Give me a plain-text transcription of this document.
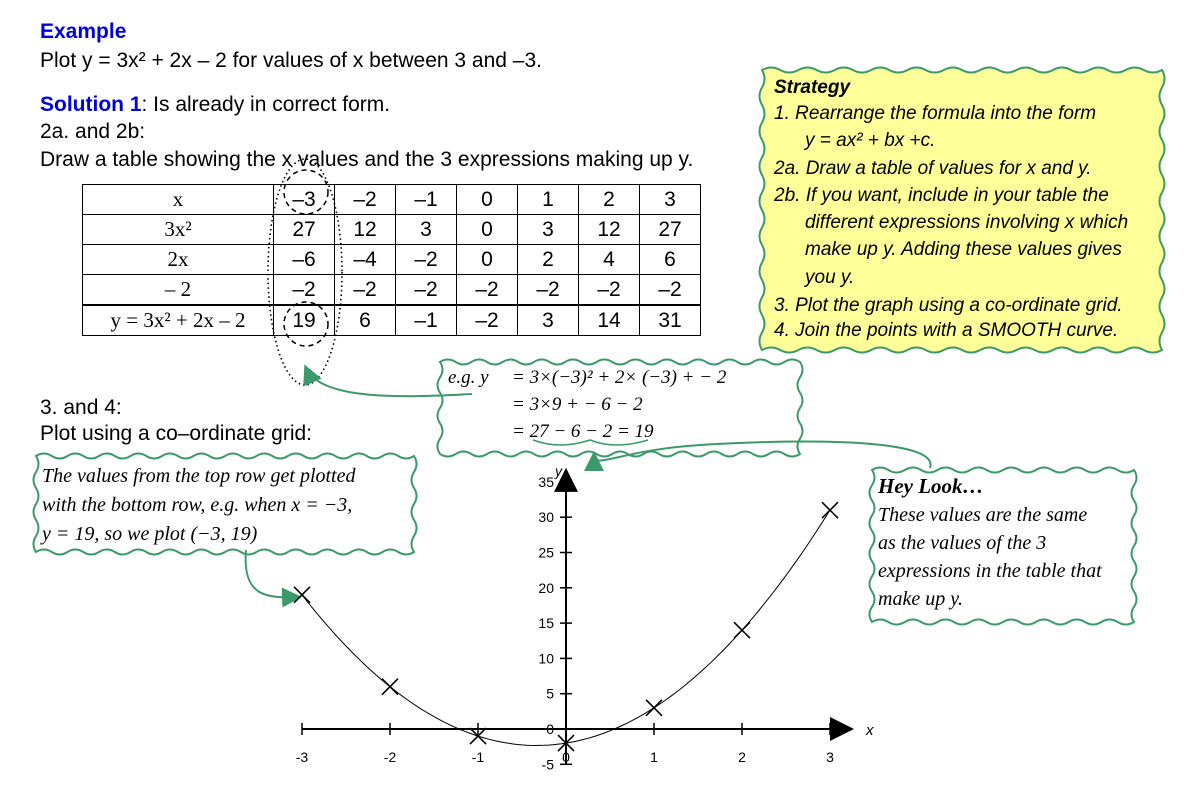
Example
Plot y = 3x² + 2x – 2 for values of x between 3 and –3.
Solution 1: Is already in correct form.
2a. and 2b:
Draw a table showing the x values and the 3 expressions making up y.
x	–3	–2	–1	0	1	2	3
3x²	27	12	3	0	3	12	27
2x	–6	–4	–2	0	2	4	6
– 2	–2	–2	–2	–2	–2	–2	–2
y = 3x² + 2x – 2	19	6	–1	–2	3	14	31
3. and 4:
Plot using a co–ordinate grid:
-3	-2	-1	0	1	2	3
-5
0
5
10
15
20
25
30
35
x
y
Strategy
1. Rearrange the formula into the form
y = ax² + bx +c.
2a. Draw a table of values for x and y.
2b. If you want, include in your table the
different expressions involving x which
make up y. Adding these values gives
you y.
3. Plot the graph using a co-ordinate grid.
4. Join the points with a SMOOTH curve.
e.g. y = 3×(−3)² + 2× (−3) + − 2
= 3×9 + − 6 − 2
= 27 − 6 − 2 = 19
The values from the top row get plotted
with the bottom row, e.g. when x = −3,
y = 19, so we plot (−3, 19)
Hey Look…
These values are the same
as the values of the 3
expressions in the table that
make up y.
